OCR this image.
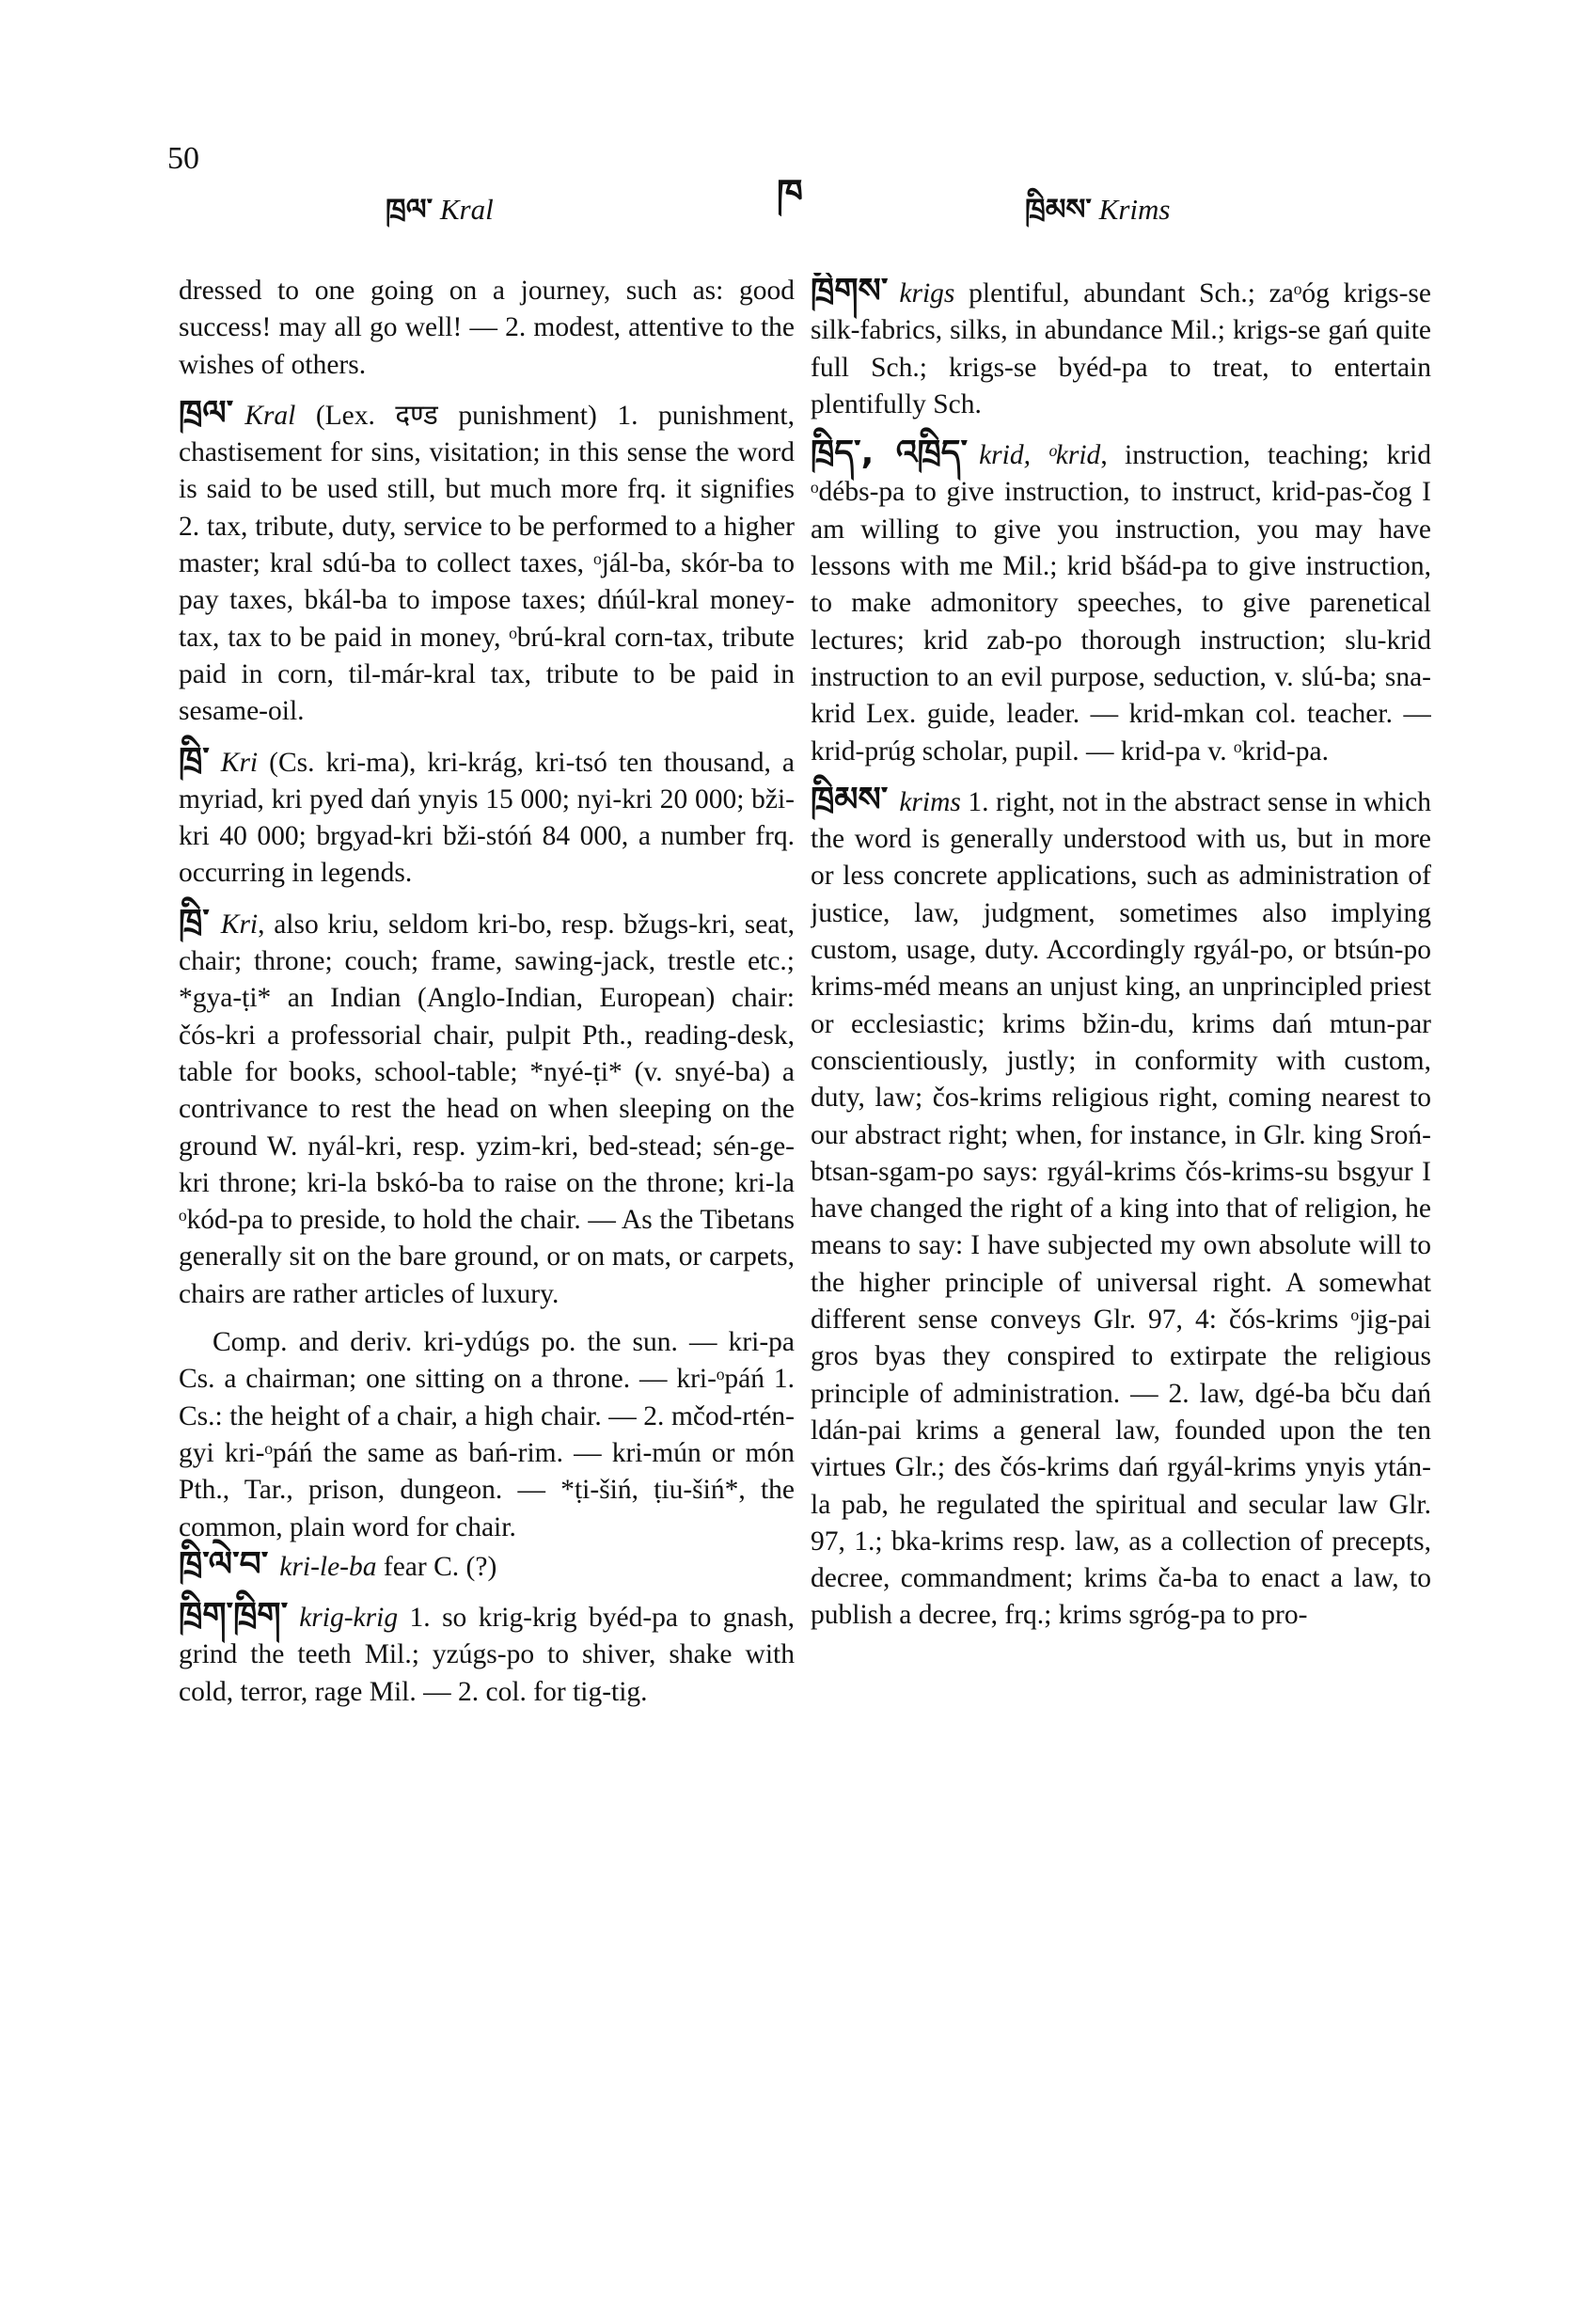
50
ཁྲལ་ Kral	ཁ	ཁྲིམས་ Krims

dressed to one going on a journey, such as: good success! may all go well! — 2. modest, attentive to the wishes of others.

ཁྲལ་ Kral (Lex. दण्ड punishment) 1. punishment, chastisement for sins, visitation; in this sense the word is said to be used still, but much more frq. it signifies 2. tax, tribute, duty, service to be performed to a higher master; kral sdú-ba to collect taxes, ᵒjál-ba, skór-ba to pay taxes, bkál-ba to impose taxes; dńúl-kral money-tax, tax to be paid in money, ᵒbrú-kral corn-tax, tribute paid in corn, til-már-kral tax, tribute to be paid in sesame-oil.

ཁྲི་ Kri (Cs. kri-ma), kri-krág, kri-tsó ten thousand, a myriad, kri pyed dań ynyis 15 000; nyi-kri 20 000; bži-kri 40 000; brgyad-kri bži-stóń 84 000, a number frq. occurring in legends.

ཁྲི་ Kri, also kriu, seldom kri-bo, resp. bžugs-kri, seat, chair; throne; couch; frame, sawing-jack, trestle etc.; *gya-ṭi* an Indian (Anglo-Indian, European) chair: čós-kri a professorial chair, pulpit Pth., reading-desk, table for books, school-table; *nyé-ṭi* (v. snyé-ba) a contrivance to rest the head on when sleeping on the ground W. nyál-kri, resp. yzim-kri, bed-stead; sén-ge-kri throne; kri-la bskó-ba to raise on the throne; kri-la ᵒkód-pa to preside, to hold the chair. — As the Tibetans generally sit on the bare ground, or on mats, or carpets, chairs are rather articles of luxury.

Comp. and deriv. kri-ydúgs po. the sun. — kri-pa Cs. a chairman; one sitting on a throne. — kri-ᵒpáń 1. Cs.: the height of a chair, a high chair. — 2. mčod-rtén-gyi kri-ᵒpáń the same as bań-rim. — kri-mún or món Pth., Tar., prison, dungeon. — *ṭi-šiń, ṭiu-šiń*, the common, plain word for chair.

ཁྲི་ལེ་བ་ kri-le-ba fear C. (?)

ཁྲིག་ཁྲིག་ krig-krig 1. so krig-krig byéd-pa to gnash, grind the teeth Mil.; yzúgs-po to shiver, shake with cold, terror, rage Mil. — 2. col. for tig-tig.

ཁྲིགས་ krigs plentiful, abundant Sch.; zaᵒóg krigs-se silk-fabrics, silks, in abundance Mil.; krigs-se gań quite full Sch.; krigs-se byéd-pa to treat, to entertain plentifully Sch.

ཁྲིད་, འཁྲིད་ krid, ᵒkrid, instruction, teaching; krid ᵒdébs-pa to give instruction, to instruct, krid-pas-čog I am willing to give you instruction, you may have lessons with me Mil.; krid bšád-pa to give instruction, to make admonitory speeches, to give parenetical lectures; krid zab-po thorough instruction; slu-krid instruction to an evil purpose, seduction, v. slú-ba; sna-krid Lex. guide, leader. — krid-mkan col. teacher. — krid-prúg scholar, pupil. — krid-pa v. ᵒkrid-pa.

ཁྲིམས་ krims 1. right, not in the abstract sense in which the word is generally understood with us, but in more or less concrete applications, such as administration of justice, law, judgment, sometimes also implying custom, usage, duty. Accordingly rgyál-po, or btsún-po krims-méd means an unjust king, an unprincipled priest or ecclesiastic; krims bžin-du, krims dań mtun-par conscientiously, justly; in conformity with custom, duty, law; čos-krims religious right, coming nearest to our abstract right; when, for instance, in Glr. king Sroń-btsan-sgam-po says: rgyál-krims čós-krims-su bsgyur I have changed the right of a king into that of religion, he means to say: I have subjected my own absolute will to the higher principle of universal right. A somewhat different sense conveys Glr. 97, 4: čós-krims ᵒjig-pai gros byas they conspired to extirpate the religious principle of administration. — 2. law, dgé-ba bču dań ldán-pai krims a general law, founded upon the ten virtues Glr.; des čós-krims dań rgyál-krims ynyis ytán-la pab, he regulated the spiritual and secular law Glr. 97, 1.; bka-krims resp. law, as a collection of precepts, decree, commandment; krims ča-ba to enact a law, to publish a decree, frq.; krims sgróg-pa to pro-
